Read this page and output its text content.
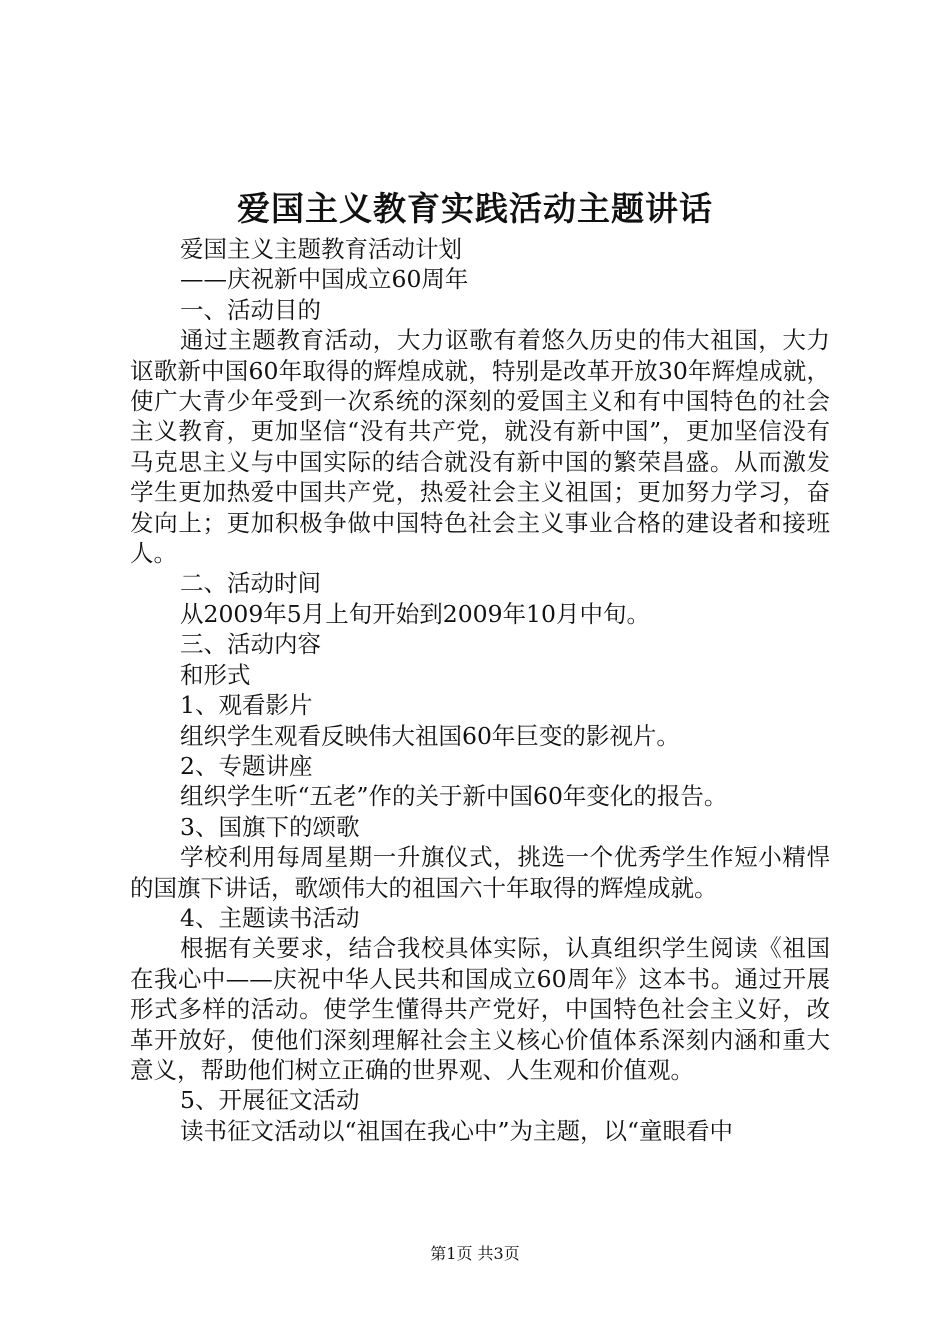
爱国主义教育实践活动主题讲话

爱国主义主题教育活动计划

——庆祝新中国成立60周年

一、活动目的

通过主题教育活动，大力讴歌有着悠久历史的伟大祖国，大力讴歌新中国60年取得的辉煌成就，特别是改革开放30年辉煌成就，使广大青少年受到一次系统的深刻的爱国主义和有中国特色的社会主义教育，更加坚信“没有共产党，就没有新中国”，更加坚信没有马克思主义与中国实际的结合就没有新中国的繁荣昌盛。从而激发学生更加热爱中国共产党，热爱社会主义祖国；更加努力学习，奋发向上；更加积极争做中国特色社会主义事业合格的建设者和接班人。

二、活动时间

从2009年5月上旬开始到2009年10月中旬。

三、活动内容

和形式

1、观看影片

组织学生观看反映伟大祖国60年巨变的影视片。

2、专题讲座

组织学生听“五老”作的关于新中国60年变化的报告。

3、国旗下的颂歌

学校利用每周星期一升旗仪式，挑选一个优秀学生作短小精悍的国旗下讲话，歌颂伟大的祖国六十年取得的辉煌成就。

4、主题读书活动

根据有关要求，结合我校具体实际，认真组织学生阅读《祖国在我心中——庆祝中华人民共和国成立60周年》这本书。通过开展形式多样的活动。使学生懂得共产党好，中国特色社会主义好，改革开放好，使他们深刻理解社会主义核心价值体系深刻内涵和重大意义，帮助他们树立正确的世界观、人生观和价值观。

5、开展征文活动

读书征文活动以“祖国在我心中”为主题，以“童眼看中

第1页 共3页
